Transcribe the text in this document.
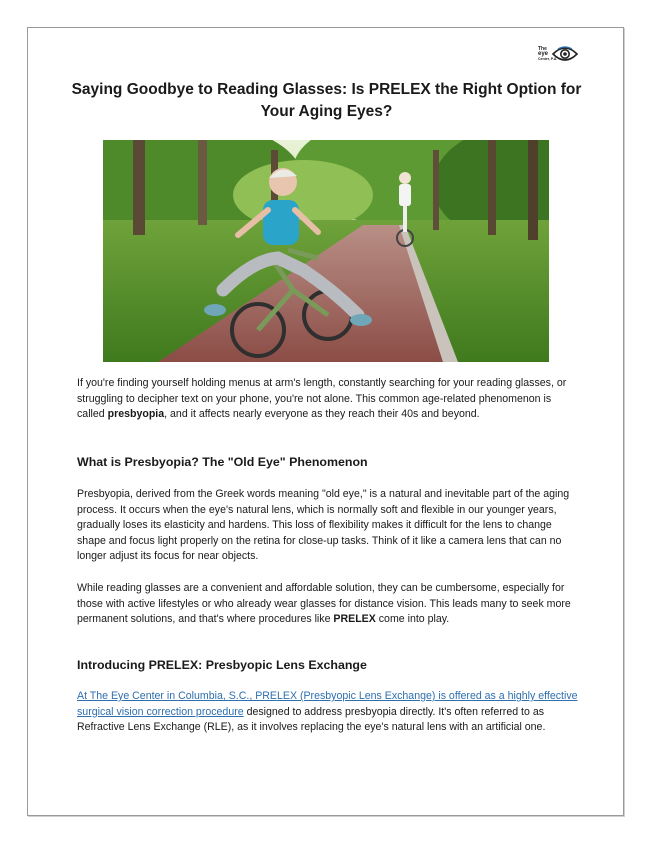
The
eye
Center, P.A.
Saying Goodbye to Reading Glasses: Is PRELEX the Right Option for Your Aging Eyes?

If you're finding yourself holding menus at arm's length, constantly searching for your reading glasses, or struggling to decipher text on your phone, you're not alone. This common age-related phenomenon is called presbyopia, and it affects nearly everyone as they reach their 40s and beyond.

What is Presbyopia? The "Old Eye" Phenomenon

Presbyopia, derived from the Greek words meaning "old eye," is a natural and inevitable part of the aging process. It occurs when the eye's natural lens, which is normally soft and flexible in our younger years, gradually loses its elasticity and hardens. This loss of flexibility makes it difficult for the lens to change shape and focus light properly on the retina for close-up tasks. Think of it like a camera lens that can no longer adjust its focus for near objects.

While reading glasses are a convenient and affordable solution, they can be cumbersome, especially for those with active lifestyles or who already wear glasses for distance vision. This leads many to seek more permanent solutions, and that's where procedures like PRELEX come into play.

Introducing PRELEX: Presbyopic Lens Exchange

At The Eye Center in Columbia, S.C., PRELEX (Presbyopic Lens Exchange) is offered as a highly effective surgical vision correction procedure designed to address presbyopia directly. It's often referred to as Refractive Lens Exchange (RLE), as it involves replacing the eye's natural lens with an artificial one.
